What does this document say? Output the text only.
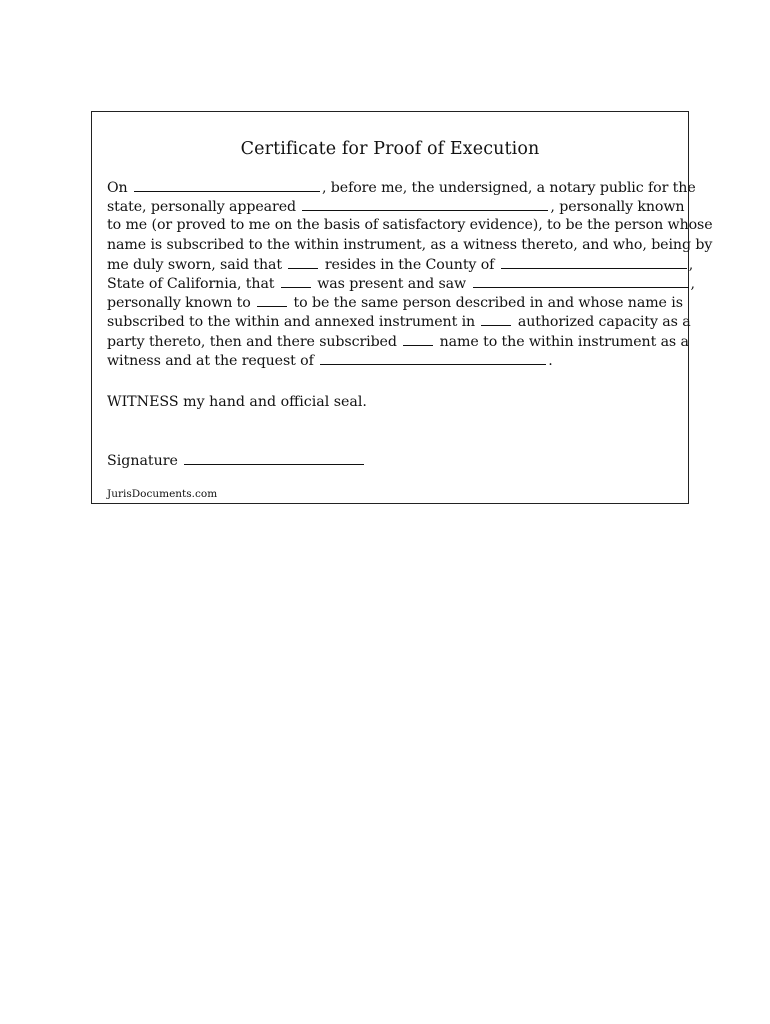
Certificate for Proof of Execution
On	, before me, the undersigned, a notary public for the
state, personally appeared	, personally known
to me (or proved to me on the basis of satisfactory evidence), to be the person whose
name is subscribed to the within instrument, as a witness thereto, and who, being by
me duly sworn, said that  resides in the County of	,
State of California, that  was present and saw	,
personally known to  to be the same person described in and whose name is
subscribed to the within and annexed instrument in  authorized capacity as a
party thereto, then and there subscribed  name to the within instrument as a
witness and at the request of	.
WITNESS my hand and official seal.
Signature
JurisDocuments.com
